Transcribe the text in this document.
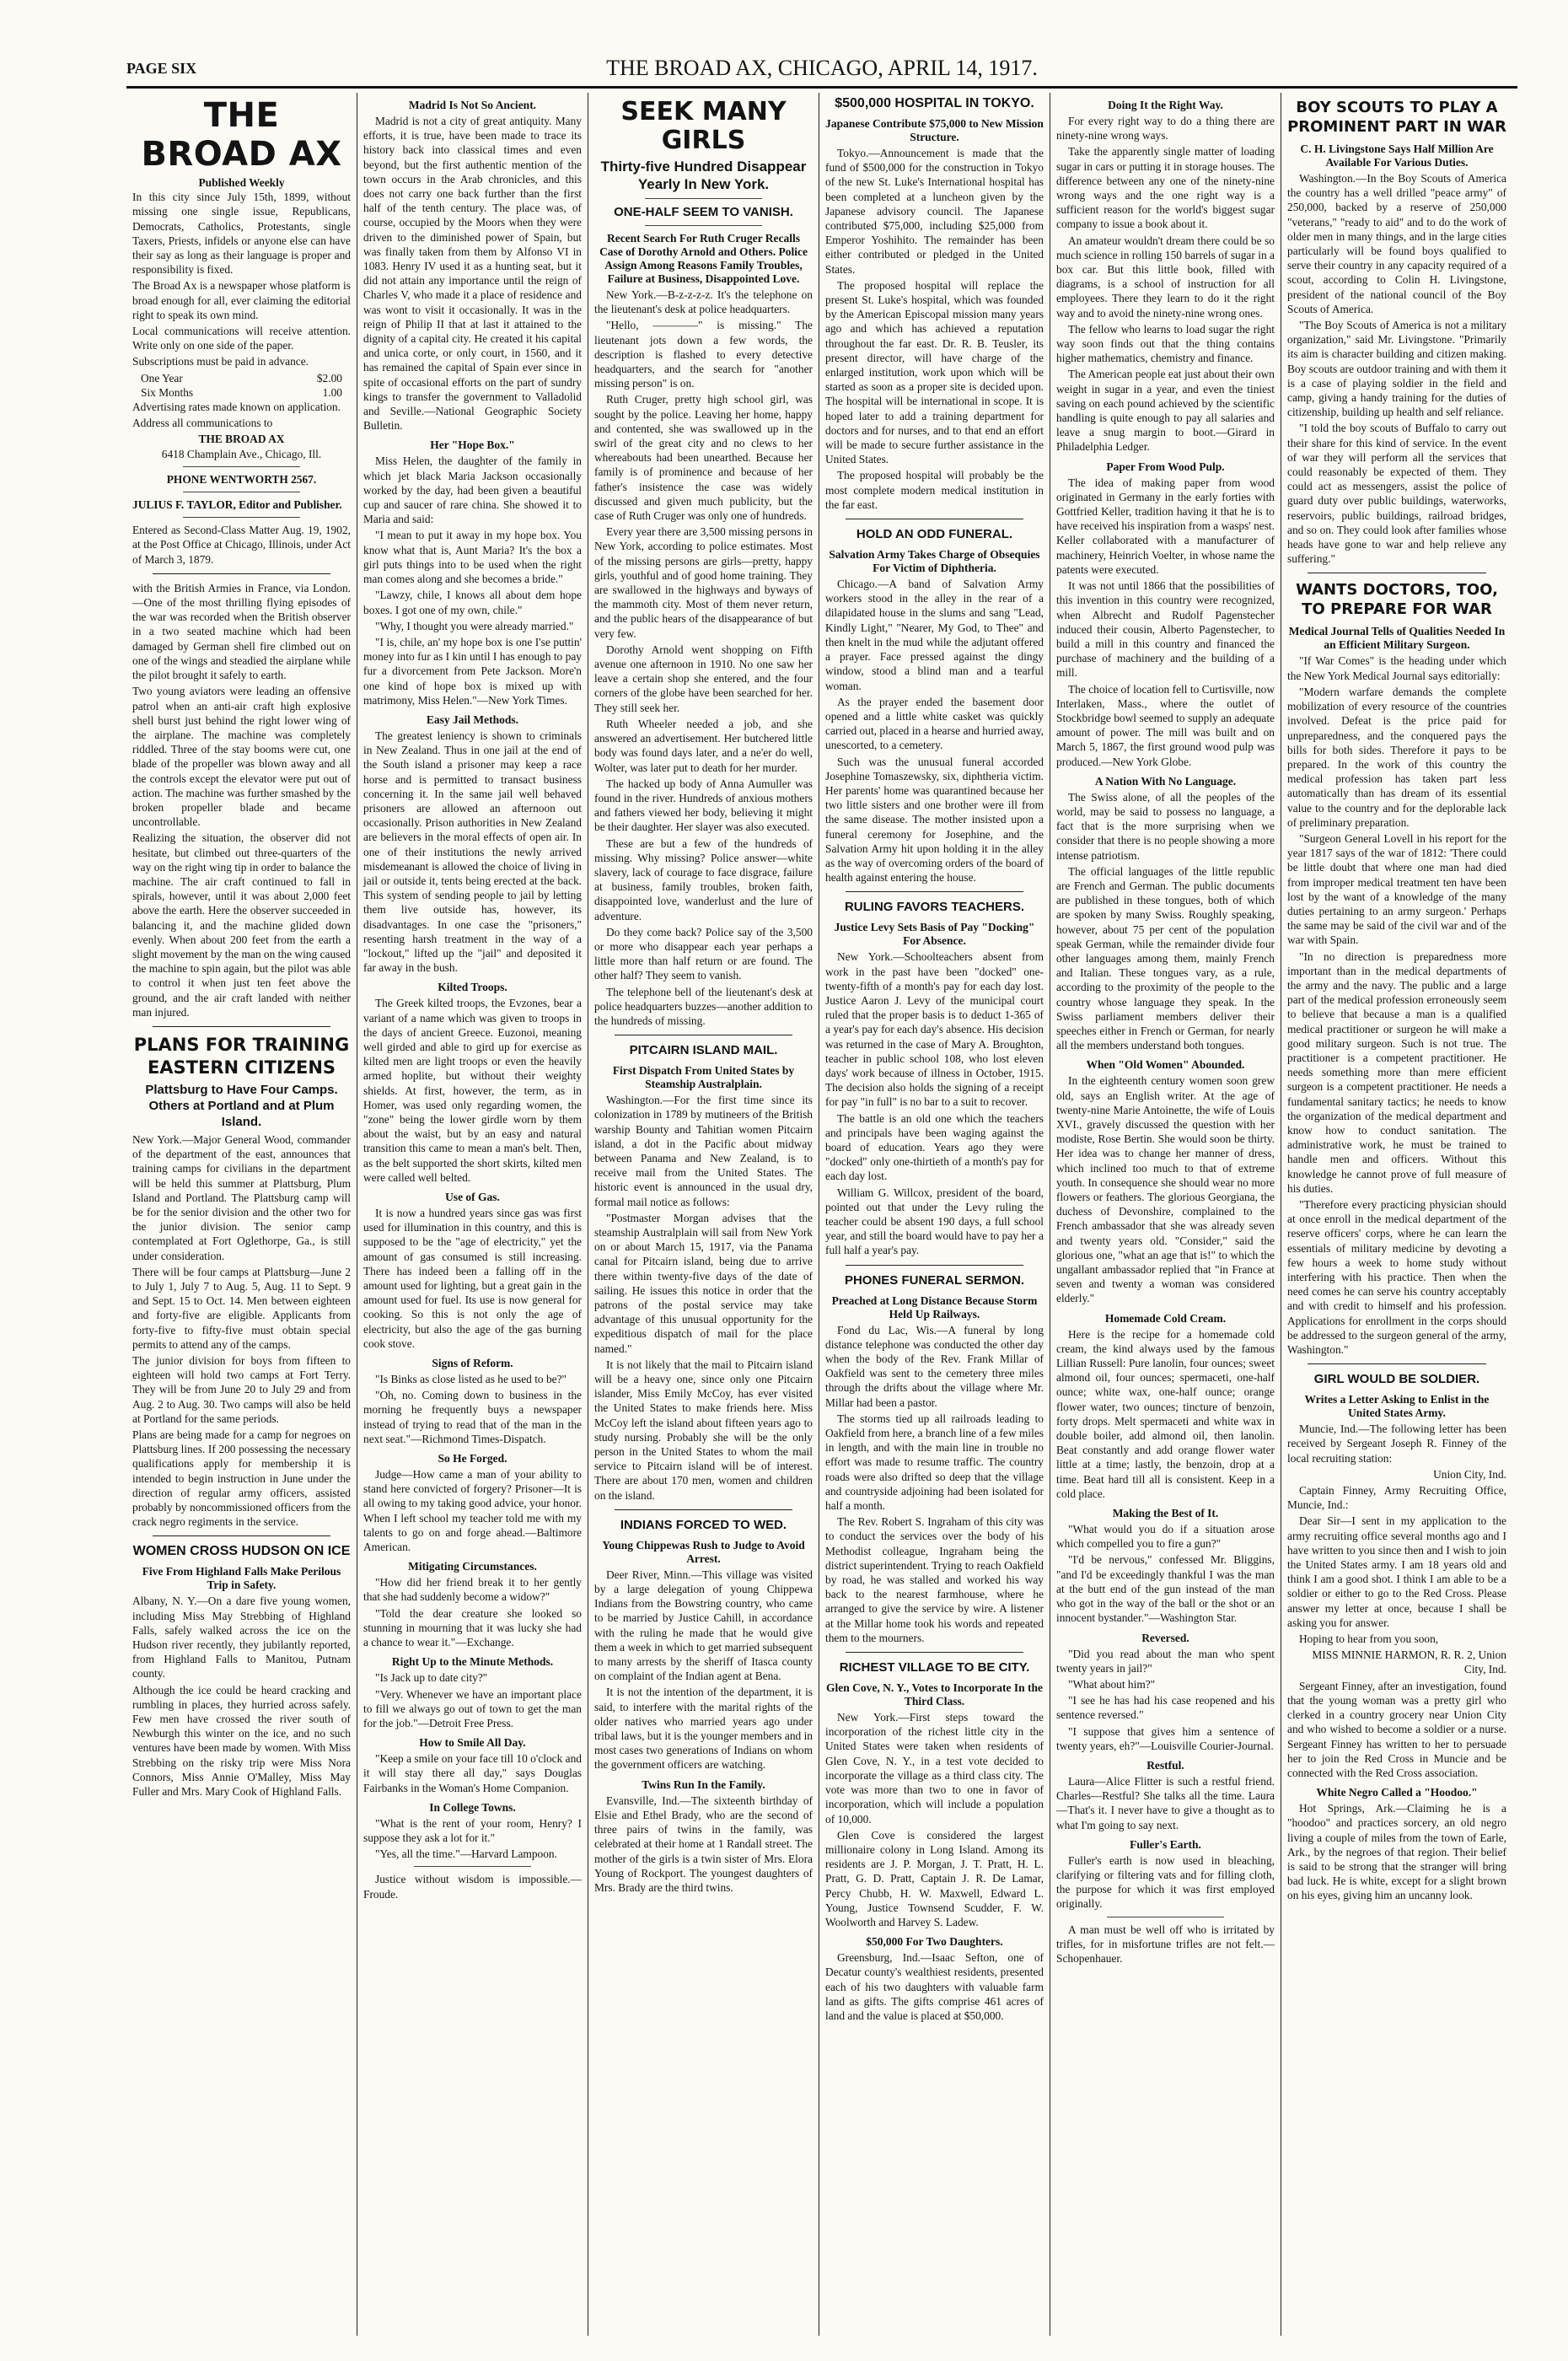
PAGE SIX	THE BROAD AX, CHICAGO, APRIL 14, 1917.
THE BROAD AX
Published Weekly

In this city since July 15th, 1899, without missing one single issue, Republicans, Democrats, Catholics, Protestants, single Taxers, Priests, infidels or anyone else can have their say as long as their language is proper and responsibility is fixed.

The Broad Ax is a newspaper whose platform is broad enough for all, ever claiming the editorial right to speak its own mind.

Local communications will receive attention. Write only on one side of the paper.

Subscriptions must be paid in advance.

One Year	$2.00
Six Months	1.00

Advertising rates made known on application.

Address all communications to

THE BROAD AX
6418 Champlain Ave., Chicago, Ill.
PHONE WENTWORTH 2567.

JULIUS F. TAYLOR, Editor and Publisher.

Entered as Second-Class Matter Aug. 19, 1902, at the Post Office at Chicago, Illinois, under Act of March 3, 1879.

with the British Armies in France, via London.—One of the most thrilling flying episodes of the war was recorded when the British observer in a two seated machine which had been damaged by German shell fire climbed out on one of the wings and steadied the airplane while the pilot brought it safely to earth.

Two young aviators were leading an offensive patrol when an anti-air craft high explosive shell burst just behind the right lower wing of the airplane. The machine was completely riddled. Three of the stay booms were cut, one blade of the propeller was blown away and all the controls except the elevator were put out of action. The machine was further smashed by the broken propeller blade and became uncontrollable.

Realizing the situation, the observer did not hesitate, but climbed out three-quarters of the way on the right wing tip in order to balance the machine. The air craft continued to fall in spirals, however, until it was about 2,000 feet above the earth. Here the observer succeeded in balancing it, and the machine glided down evenly. When about 200 feet from the earth a slight movement by the man on the wing caused the machine to spin again, but the pilot was able to control it when just ten feet above the ground, and the air craft landed with neither man injured.

PLANS FOR TRAINING EASTERN CITIZENS
Plattsburg to Have Four Camps. Others at Portland and at Plum Island.

New York.—Major General Wood, commander of the department of the east, announces that training camps for civilians in the department will be held this summer at Plattsburg, Plum Island and Portland. The Plattsburg camp will be for the senior division and the other two for the junior division. The senior camp contemplated at Fort Oglethorpe, Ga., is still under consideration.

There will be four camps at Plattsburg—June 2 to July 1, July 7 to Aug. 5, Aug. 11 to Sept. 9 and Sept. 15 to Oct. 14. Men between eighteen and forty-five are eligible. Applicants from forty-five to fifty-five must obtain special permits to attend any of the camps.

The junior division for boys from fifteen to eighteen will hold two camps at Fort Terry. They will be from June 20 to July 29 and from Aug. 2 to Aug. 30. Two camps will also be held at Portland for the same periods.

Plans are being made for a camp for negroes on Plattsburg lines. If 200 possessing the necessary qualifications apply for membership it is intended to begin instruction in June under the direction of regular army officers, assisted probably by noncommissioned officers from the crack negro regiments in the service.

WOMEN CROSS HUDSON ON ICE
Five From Highland Falls Make Perilous Trip in Safety.

Albany, N. Y.—On a dare five young women, including Miss May Strebbing of Highland Falls, safely walked across the ice on the Hudson river recently, they jubilantly reported, from Highland Falls to Manitou, Putnam county.

Although the ice could be heard cracking and rumbling in places, they hurried across safely. Few men have crossed the river south of Newburgh this winter on the ice, and no such ventures have been made by women. With Miss Strebbing on the risky trip were Miss Nora Connors, Miss Annie O'Malley, Miss May Fuller and Mrs. Mary Cook of Highland Falls.

Madrid Is Not So Ancient.

Madrid is not a city of great antiquity. Many efforts, it is true, have been made to trace its history back into classical times and even beyond, but the first authentic mention of the town occurs in the Arab chronicles, and this does not carry one back further than the first half of the tenth century. The place was, of course, occupied by the Moors when they were driven to the diminished power of Spain, but was finally taken from them by Alfonso VI in 1083. Henry IV used it as a hunting seat, but it did not attain any importance until the reign of Charles V, who made it a place of residence and was wont to visit it occasionally. It was in the reign of Philip II that at last it attained to the dignity of a capital city. He created it his capital and unica corte, or only court, in 1560, and it has remained the capital of Spain ever since in spite of occasional efforts on the part of sundry kings to transfer the government to Valladolid and Seville.—National Geographic Society Bulletin.

Her "Hope Box."

Miss Helen, the daughter of the family in which jet black Maria Jackson occasionally worked by the day, had been given a beautiful cup and saucer of rare china. She showed it to Maria and said:

"I mean to put it away in my hope box. You know what that is, Aunt Maria? It's the box a girl puts things into to be used when the right man comes along and she becomes a bride."

"Lawzy, chile, I knows all about dem hope boxes. I got one of my own, chile."

"Why, I thought you were already married."

"I is, chile, an' my hope box is one I'se puttin' money into fur as I kin until I has enough to pay fur a divorcement from Pete Jackson. More'n one kind of hope box is mixed up with matrimony, Miss Helen."—New York Times.

Easy Jail Methods.

The greatest leniency is shown to criminals in New Zealand. Thus in one jail at the end of the South island a prisoner may keep a race horse and is permitted to transact business concerning it. In the same jail well behaved prisoners are allowed an afternoon out occasionally. Prison authorities in New Zealand are believers in the moral effects of open air. In one of their institutions the newly arrived misdemeanant is allowed the choice of living in jail or outside it, tents being erected at the back. This system of sending people to jail by letting them live outside has, however, its disadvantages. In one case the "prisoners," resenting harsh treatment in the way of a "lockout," lifted up the "jail" and deposited it far away in the bush.

Kilted Troops.

The Greek kilted troops, the Evzones, bear a variant of a name which was given to troops in the days of ancient Greece. Euzonoi, meaning well girded and able to gird up for exercise as kilted men are light troops or even the heavily armed hoplite, but without their weighty shields. At first, however, the term, as in Homer, was used only regarding women, the "zone" being the lower girdle worn by them about the waist, but by an easy and natural transition this came to mean a man's belt. Then, as the belt supported the short skirts, kilted men were called well belted.

Use of Gas.

It is now a hundred years since gas was first used for illumination in this country, and this is supposed to be the "age of electricity," yet the amount of gas consumed is still increasing. There has indeed been a falling off in the amount used for lighting, but a great gain in the amount used for fuel. Its use is now general for cooking. So this is not only the age of electricity, but also the age of the gas burning cook stove.

Signs of Reform.

"Is Binks as close listed as he used to be?"

"Oh, no. Coming down to business in the morning he frequently buys a newspaper instead of trying to read that of the man in the next seat."—Richmond Times-Dispatch.

So He Forged.

Judge—How came a man of your ability to stand here convicted of forgery? Prisoner—It is all owing to my taking good advice, your honor. When I left school my teacher told me with my talents to go on and forge ahead.—Baltimore American.

Mitigating Circumstances.

"How did her friend break it to her gently that she had suddenly become a widow?"

"Told the dear creature she looked so stunning in mourning that it was lucky she had a chance to wear it."—Exchange.

Right Up to the Minute Methods.

"Is Jack up to date city?"

"Very. Whenever we have an important place to fill we always go out of town to get the man for the job."—Detroit Free Press.

How to Smile All Day.

"Keep a smile on your face till 10 o'clock and it will stay there all day," says Douglas Fairbanks in the Woman's Home Companion.

In College Towns.

"What is the rent of your room, Henry? I suppose they ask a lot for it."

"Yes, all the time."—Harvard Lampoon.

Justice without wisdom is impossible.—Froude.

SEEK MANY GIRLS
Thirty-five Hundred Disappear Yearly In New York.
ONE-HALF SEEM TO VANISH.
Recent Search For Ruth Cruger Recalls Case of Dorothy Arnold and Others. Police Assign Among Reasons Family Troubles, Failure at Business, Disappointed Love.

New York.—B-z-z-z-z. It's the telephone on the lieutenant's desk at police headquarters.

"Hello, ————" is missing." The lieutenant jots down a few words, the description is flashed to every detective headquarters, and the search for "another missing person" is on.

Ruth Cruger, pretty high school girl, was sought by the police. Leaving her home, happy and contented, she was swallowed up in the swirl of the great city and no clews to her whereabouts had been unearthed. Because her family is of prominence and because of her father's insistence the case was widely discussed and given much publicity, but the case of Ruth Cruger was only one of hundreds.

Every year there are 3,500 missing persons in New York, according to police estimates. Most of the missing persons are girls—pretty, happy girls, youthful and of good home training. They are swallowed in the highways and byways of the mammoth city. Most of them never return, and the public hears of the disappearance of but very few.

Dorothy Arnold went shopping on Fifth avenue one afternoon in 1910. No one saw her leave a certain shop she entered, and the four corners of the globe have been searched for her. They still seek her.

Ruth Wheeler needed a job, and she answered an advertisement. Her butchered little body was found days later, and a ne'er do well, Wolter, was later put to death for her murder.

The hacked up body of Anna Aumuller was found in the river. Hundreds of anxious mothers and fathers viewed her body, believing it might be their daughter. Her slayer was also executed.

These are but a few of the hundreds of missing. Why missing? Police answer—white slavery, lack of courage to face disgrace, failure at business, family troubles, broken faith, disappointed love, wanderlust and the lure of adventure.

Do they come back? Police say of the 3,500 or more who disappear each year perhaps a little more than half return or are found. The other half? They seem to vanish.

The telephone bell of the lieutenant's desk at police headquarters buzzes—another addition to the hundreds of missing.

PITCAIRN ISLAND MAIL.
First Dispatch From United States by Steamship Australplain.

Washington.—For the first time since its colonization in 1789 by mutineers of the British warship Bounty and Tahitian women Pitcairn island, a dot in the Pacific about midway between Panama and New Zealand, is to receive mail from the United States. The historic event is announced in the usual dry, formal mail notice as follows:

"Postmaster Morgan advises that the steamship Australplain will sail from New York on or about March 15, 1917, via the Panama canal for Pitcairn island, being due to arrive there within twenty-five days of the date of sailing. He issues this notice in order that the patrons of the postal service may take advantage of this unusual opportunity for the expeditious dispatch of mail for the place named."

It is not likely that the mail to Pitcairn island will be a heavy one, since only one Pitcairn islander, Miss Emily McCoy, has ever visited the United States to make friends here. Miss McCoy left the island about fifteen years ago to study nursing. Probably she will be the only person in the United States to whom the mail service to Pitcairn island will be of interest. There are about 170 men, women and children on the island.

INDIANS FORCED TO WED.
Young Chippewas Rush to Judge to Avoid Arrest.

Deer River, Minn.—This village was visited by a large delegation of young Chippewa Indians from the Bowstring country, who came to be married by Justice Cahill, in accordance with the ruling he made that he would give them a week in which to get married subsequent to many arrests by the sheriff of Itasca county on complaint of the Indian agent at Bena.

It is not the intention of the department, it is said, to interfere with the marital rights of the older natives who married years ago under tribal laws, but it is the younger members and in most cases two generations of Indians on whom the government officers are watching.

Twins Run In the Family.

Evansville, Ind.—The sixteenth birthday of Elsie and Ethel Brady, who are the second of three pairs of twins in the family, was celebrated at their home at 1 Randall street. The mother of the girls is a twin sister of Mrs. Elora Young of Rockport. The youngest daughters of Mrs. Brady are the third twins.

$500,000 HOSPITAL IN TOKYO.
Japanese Contribute $75,000 to New Mission Structure.

Tokyo.—Announcement is made that the fund of $500,000 for the construction in Tokyo of the new St. Luke's International hospital has been completed at a luncheon given by the Japanese advisory council. The Japanese contributed $75,000, including $25,000 from Emperor Yoshihito. The remainder has been either contributed or pledged in the United States.

The proposed hospital will replace the present St. Luke's hospital, which was founded by the American Episcopal mission many years ago and which has achieved a reputation throughout the far east. Dr. R. B. Teusler, its present director, will have charge of the enlarged institution, work upon which will be started as soon as a proper site is decided upon. The hospital will be international in scope. It is hoped later to add a training department for doctors and for nurses, and to that end an effort will be made to secure further assistance in the United States.

The proposed hospital will probably be the most complete modern medical institution in the far east.

HOLD AN ODD FUNERAL.
Salvation Army Takes Charge of Obsequies For Victim of Diphtheria.

Chicago.—A band of Salvation Army workers stood in the alley in the rear of a dilapidated house in the slums and sang "Lead, Kindly Light," "Nearer, My God, to Thee" and then knelt in the mud while the adjutant offered a prayer. Face pressed against the dingy window, stood a blind man and a tearful woman.

As the prayer ended the basement door opened and a little white casket was quickly carried out, placed in a hearse and hurried away, unescorted, to a cemetery.

Such was the unusual funeral accorded Josephine Tomaszewsky, six, diphtheria victim. Her parents' home was quarantined because her two little sisters and one brother were ill from the same disease. The mother insisted upon a funeral ceremony for Josephine, and the Salvation Army hit upon holding it in the alley as the way of overcoming orders of the board of health against entering the house.

RULING FAVORS TEACHERS.
Justice Levy Sets Basis of Pay "Docking" For Absence.

New York.—Schoolteachers absent from work in the past have been "docked" one-twenty-fifth of a month's pay for each day lost. Justice Aaron J. Levy of the municipal court ruled that the proper basis is to deduct 1-365 of a year's pay for each day's absence. His decision was returned in the case of Mary A. Broughton, teacher in public school 108, who lost eleven days' work because of illness in October, 1915. The decision also holds the signing of a receipt for pay "in full" is no bar to a suit to recover.

The battle is an old one which the teachers and principals have been waging against the board of education. Years ago they were "docked" only one-thirtieth of a month's pay for each day lost.

William G. Willcox, president of the board, pointed out that under the Levy ruling the teacher could be absent 190 days, a full school year, and still the board would have to pay her a full half a year's pay.

PHONES FUNERAL SERMON.
Preached at Long Distance Because Storm Held Up Railways.

Fond du Lac, Wis.—A funeral by long distance telephone was conducted the other day when the body of the Rev. Frank Millar of Oakfield was sent to the cemetery three miles through the drifts about the village where Mr. Millar had been a pastor.

The storms tied up all railroads leading to Oakfield from here, a branch line of a few miles in length, and with the main line in trouble no effort was made to resume traffic. The country roads were also drifted so deep that the village and countryside adjoining had been isolated for half a month.

The Rev. Robert S. Ingraham of this city was to conduct the services over the body of his Methodist colleague, Ingraham being the district superintendent. Trying to reach Oakfield by road, he was stalled and worked his way back to the nearest farmhouse, where he arranged to give the service by wire. A listener at the Millar home took his words and repeated them to the mourners.

RICHEST VILLAGE TO BE CITY.
Glen Cove, N. Y., Votes to Incorporate In the Third Class.

New York.—First steps toward the incorporation of the richest little city in the United States were taken when residents of Glen Cove, N. Y., in a test vote decided to incorporate the village as a third class city. The vote was more than two to one in favor of incorporation, which will include a population of 10,000.

Glen Cove is considered the largest millionaire colony in Long Island. Among its residents are J. P. Morgan, J. T. Pratt, H. L. Pratt, G. D. Pratt, Captain J. R. De Lamar, Percy Chubb, H. W. Maxwell, Edward L. Young, Justice Townsend Scudder, F. W. Woolworth and Harvey S. Ladew.

$50,000 For Two Daughters.

Greensburg, Ind.—Isaac Sefton, one of Decatur county's wealthiest residents, presented each of his two daughters with valuable farm land as gifts. The gifts comprise 461 acres of land and the value is placed at $50,000.

Doing It the Right Way.

For every right way to do a thing there are ninety-nine wrong ways.

Take the apparently single matter of loading sugar in cars or putting it in storage houses. The difference between any one of the ninety-nine wrong ways and the one right way is a sufficient reason for the world's biggest sugar company to issue a book about it.

An amateur wouldn't dream there could be so much science in rolling 150 barrels of sugar in a box car. But this little book, filled with diagrams, is a school of instruction for all employees. There they learn to do it the right way and to avoid the ninety-nine wrong ones.

The fellow who learns to load sugar the right way soon finds out that the thing contains higher mathematics, chemistry and finance.

The American people eat just about their own weight in sugar in a year, and even the tiniest saving on each pound achieved by the scientific handling is quite enough to pay all salaries and leave a snug margin to boot.—Girard in Philadelphia Ledger.

Paper From Wood Pulp.

The idea of making paper from wood originated in Germany in the early forties with Gottfried Keller, tradition having it that he is to have received his inspiration from a wasps' nest. Keller collaborated with a manufacturer of machinery, Heinrich Voelter, in whose name the patents were executed.

It was not until 1866 that the possibilities of this invention in this country were recognized, when Albrecht and Rudolf Pagenstecher induced their cousin, Alberto Pagenstecher, to build a mill in this country and financed the purchase of machinery and the building of a mill.

The choice of location fell to Curtisville, now Interlaken, Mass., where the outlet of Stockbridge bowl seemed to supply an adequate amount of power. The mill was built and on March 5, 1867, the first ground wood pulp was produced.—New York Globe.

A Nation With No Language.

The Swiss alone, of all the peoples of the world, may be said to possess no language, a fact that is the more surprising when we consider that there is no people showing a more intense patriotism.

The official languages of the little republic are French and German. The public documents are published in these tongues, both of which are spoken by many Swiss. Roughly speaking, however, about 75 per cent of the population speak German, while the remainder divide four other languages among them, mainly French and Italian. These tongues vary, as a rule, according to the proximity of the people to the country whose language they speak. In the Swiss parliament members deliver their speeches either in French or German, for nearly all the members understand both tongues.

When "Old Women" Abounded.

In the eighteenth century women soon grew old, says an English writer. At the age of twenty-nine Marie Antoinette, the wife of Louis XVI., gravely discussed the question with her modiste, Rose Bertin. She would soon be thirty. Her idea was to change her manner of dress, which inclined too much to that of extreme youth. In consequence she should wear no more flowers or feathers. The glorious Georgiana, the duchess of Devonshire, complained to the French ambassador that she was already seven and twenty years old. "Consider," said the glorious one, "what an age that is!" to which the ungallant ambassador replied that "in France at seven and twenty a woman was considered elderly."

Homemade Cold Cream.

Here is the recipe for a homemade cold cream, the kind always used by the famous Lillian Russell: Pure lanolin, four ounces; sweet almond oil, four ounces; spermaceti, one-half ounce; white wax, one-half ounce; orange flower water, two ounces; tincture of benzoin, forty drops. Melt spermaceti and white wax in double boiler, add almond oil, then lanolin. Beat constantly and add orange flower water little at a time; lastly, the benzoin, drop at a time. Beat hard till all is consistent. Keep in a cold place.

Making the Best of It.

"What would you do if a situation arose which compelled you to fire a gun?"

"I'd be nervous," confessed Mr. Bliggins, "and I'd be exceedingly thankful I was the man at the butt end of the gun instead of the man who got in the way of the ball or the shot or an innocent bystander."—Washington Star.

Reversed.

"Did you read about the man who spent twenty years in jail?"

"What about him?"

"I see he has had his case reopened and his sentence reversed."

"I suppose that gives him a sentence of twenty years, eh?"—Louisville Courier-Journal.

Restful.

Laura—Alice Flitter is such a restful friend. Charles—Restful? She talks all the time. Laura—That's it. I never have to give a thought as to what I'm going to say next.

Fuller's Earth.

Fuller's earth is now used in bleaching, clarifying or filtering vats and for filling cloth, the purpose for which it was first employed originally.

A man must be well off who is irritated by trifles, for in misfortune trifles are not felt.—Schopenhauer.

BOY SCOUTS TO PLAY A PROMINENT PART IN WAR
C. H. Livingstone Says Half Million Are Available For Various Duties.

Washington.—In the Boy Scouts of America the country has a well drilled "peace army" of 250,000, backed by a reserve of 250,000 "veterans," "ready to aid" and to do the work of older men in many things, and in the large cities particularly will be found boys qualified to serve their country in any capacity required of a scout, according to Colin H. Livingstone, president of the national council of the Boy Scouts of America.

"The Boy Scouts of America is not a military organization," said Mr. Livingstone. "Primarily its aim is character building and citizen making. Boy scouts are outdoor training and with them it is a case of playing soldier in the field and camp, giving a handy training for the duties of citizenship, building up health and self reliance.

"I told the boy scouts of Buffalo to carry out their share for this kind of service. In the event of war they will perform all the services that could reasonably be expected of them. They could act as messengers, assist the police of guard duty over public buildings, waterworks, reservoirs, public buildings, railroad bridges, and so on. They could look after families whose heads have gone to war and help relieve any suffering."

WANTS DOCTORS, TOO, TO PREPARE FOR WAR
Medical Journal Tells of Qualities Needed In an Efficient Military Surgeon.

"If War Comes" is the heading under which the New York Medical Journal says editorially:

"Modern warfare demands the complete mobilization of every resource of the countries involved. Defeat is the price paid for unpreparedness, and the conquered pays the bills for both sides. Therefore it pays to be prepared. In the work of this country the medical profession has taken part less automatically than has dream of its essential value to the country and for the deplorable lack of preliminary preparation.

"Surgeon General Lovell in his report for the year 1817 says of the war of 1812: 'There could be little doubt that where one man had died from improper medical treatment ten have been lost by the want of a knowledge of the many duties pertaining to an army surgeon.' Perhaps the same may be said of the civil war and of the war with Spain.

"In no direction is preparedness more important than in the medical departments of the army and the navy. The public and a large part of the medical profession erroneously seem to believe that because a man is a qualified medical practitioner or surgeon he will make a good military surgeon. Such is not true. The practitioner is a competent practitioner. He needs something more than mere efficient surgeon is a competent practitioner. He needs a fundamental sanitary tactics; he needs to know the organization of the medical department and know how to conduct sanitation. The administrative work, he must be trained to handle men and officers. Without this knowledge he cannot prove of full measure of his duties.

"Therefore every practicing physician should at once enroll in the medical department of the reserve officers' corps, where he can learn the essentials of military medicine by devoting a few hours a week to home study without interfering with his practice. Then when the need comes he can serve his country acceptably and with credit to himself and his profession. Applications for enrollment in the corps should be addressed to the surgeon general of the army, Washington."

GIRL WOULD BE SOLDIER.
Writes a Letter Asking to Enlist in the United States Army.

Muncie, Ind.—The following letter has been received by Sergeant Joseph R. Finney of the local recruiting station:

Union City, Ind.

Captain Finney, Army Recruiting Office, Muncie, Ind.:

Dear Sir—I sent in my application to the army recruiting office several months ago and I have written to you since then and I wish to join the United States army. I am 18 years old and think I am a good shot. I think I am able to be a soldier or either to go to the Red Cross. Please answer my letter at once, because I shall be asking you for answer.

Hoping to hear from you soon,

MISS MINNIE HARMON, R. R. 2, Union City, Ind.

Sergeant Finney, after an investigation, found that the young woman was a pretty girl who clerked in a country grocery near Union City and who wished to become a soldier or a nurse. Sergeant Finney has written to her to persuade her to join the Red Cross in Muncie and be connected with the Red Cross association.

White Negro Called a "Hoodoo."

Hot Springs, Ark.—Claiming he is a "hoodoo" and practices sorcery, an old negro living a couple of miles from the town of Earle, Ark., by the negroes of that region. Their belief is said to be strong that the stranger will bring bad luck. He is white, except for a slight brown on his eyes, giving him an uncanny look.
